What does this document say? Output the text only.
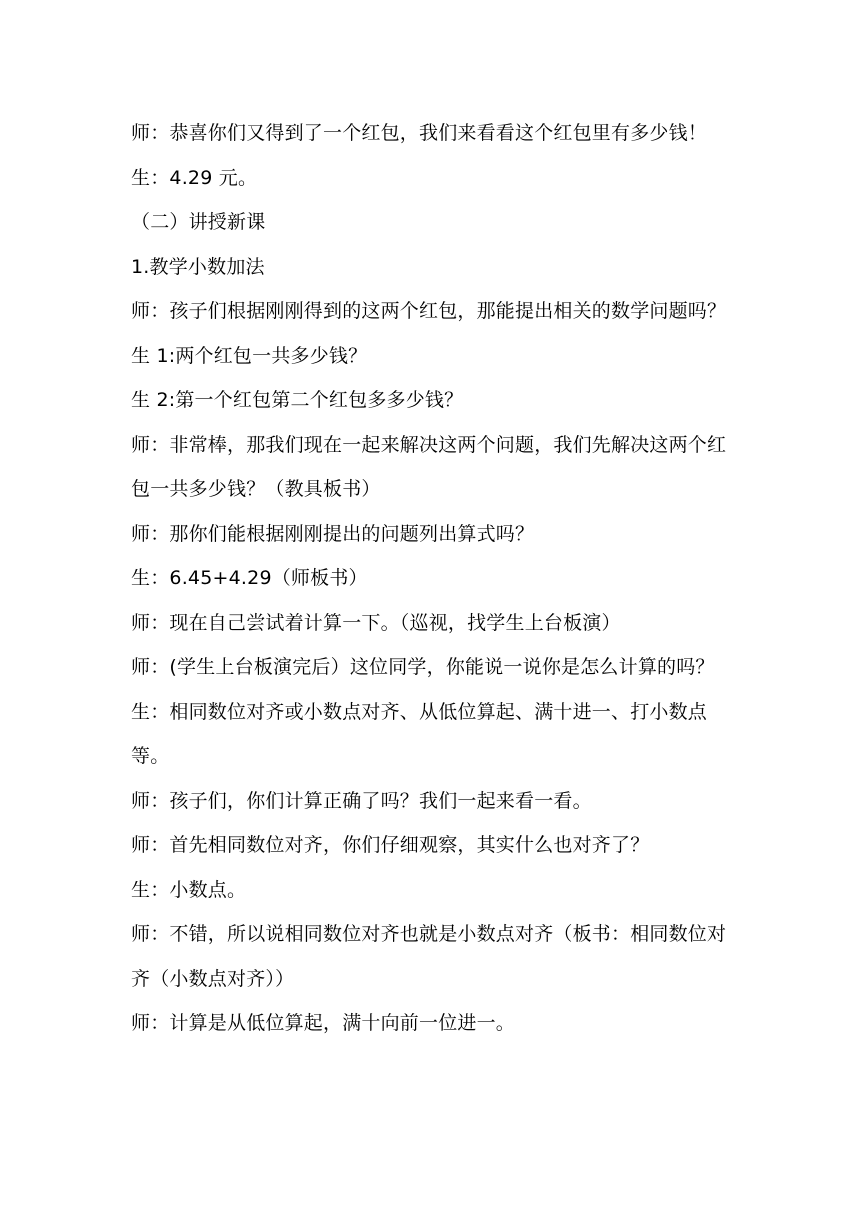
师：恭喜你们又得到了一个红包，我们来看看这个红包里有多少钱！

生：4.29 元。

（二）讲授新课

1.教学小数加法

师：孩子们根据刚刚得到的这两个红包，那能提出相关的数学问题吗？

生 1:两个红包一共多少钱？

生 2:第一个红包第二个红包多多少钱？

师：非常棒，那我们现在一起来解决这两个问题，我们先解决这两个红包一共多少钱？（教具板书）

师：那你们能根据刚刚提出的问题列出算式吗？

生：6.45+4.29（师板书）

师：现在自己尝试着计算一下。（巡视，找学生上台板演）

师：(学生上台板演完后）这位同学，你能说一说你是怎么计算的吗？

生：相同数位对齐或小数点对齐、从低位算起、满十进一、打小数点等。

师：孩子们，你们计算正确了吗？我们一起来看一看。

师：首先相同数位对齐，你们仔细观察，其实什么也对齐了？

生：小数点。

师：不错，所以说相同数位对齐也就是小数点对齐（板书：相同数位对齐（小数点对齐））

师：计算是从低位算起，满十向前一位进一。
